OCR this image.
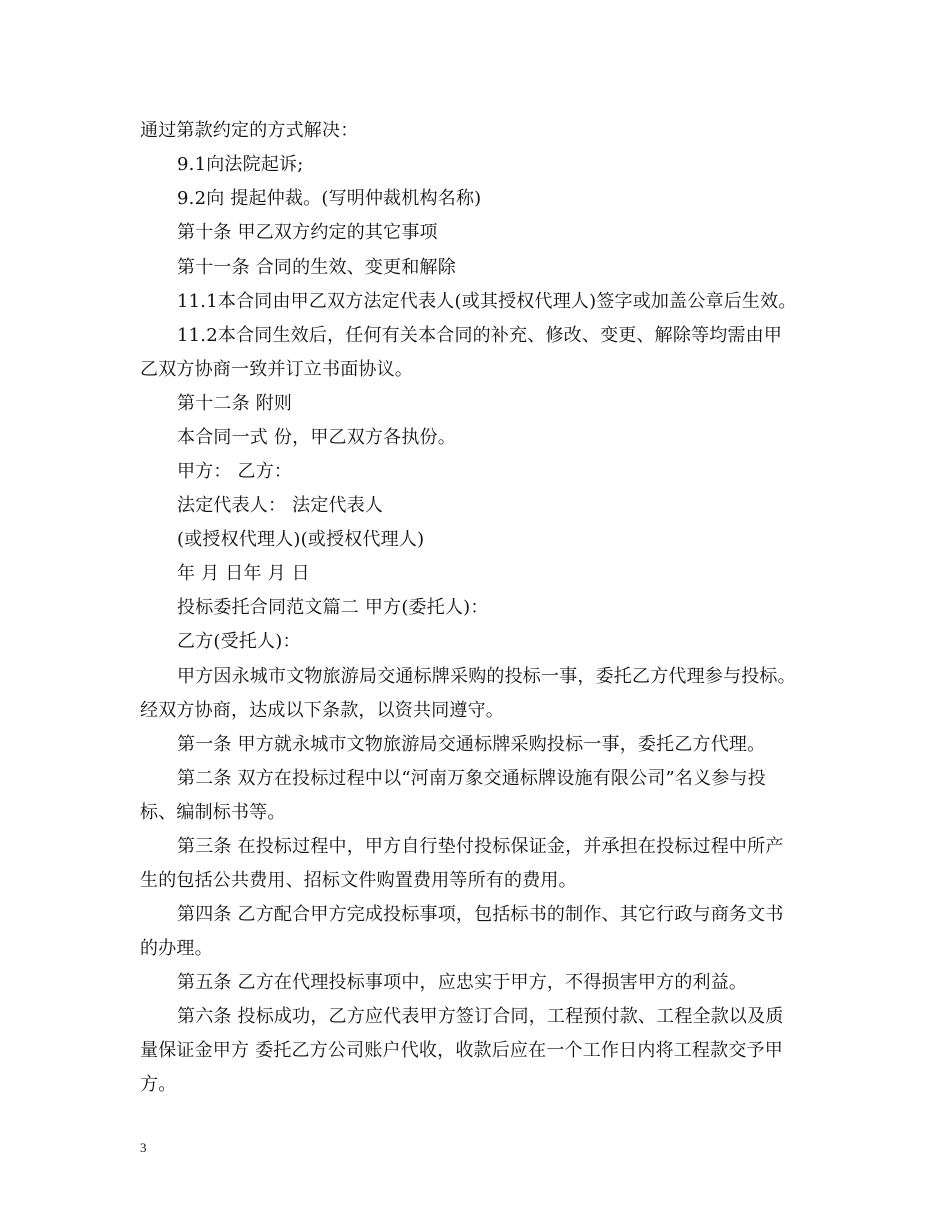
通过第款约定的方式解决：
9.1向法院起诉;
9.2向 提起仲裁。(写明仲裁机构名称)
第十条 甲乙双方约定的其它事项
第十一条 合同的生效、变更和解除
11.1本合同由甲乙双方法定代表人(或其授权代理人)签字或加盖公章后生效。
11.2本合同生效后，任何有关本合同的补充、修改、变更、解除等均需由甲
乙双方协商一致并订立书面协议。
第十二条 附则
本合同一式 份，甲乙双方各执份。
甲方： 乙方：
法定代表人： 法定代表人
(或授权代理人)(或授权代理人)
年 月 日年 月 日
投标委托合同范文篇二 甲方(委托人)：
乙方(受托人)：
甲方因永城市文物旅游局交通标牌采购的投标一事，委托乙方代理参与投标。
经双方协商，达成以下条款，以资共同遵守。
第一条 甲方就永城市文物旅游局交通标牌采购投标一事，委托乙方代理。
第二条 双方在投标过程中以“河南万象交通标牌设施有限公司”名义参与投
标、编制标书等。
第三条 在投标过程中，甲方自行垫付投标保证金，并承担在投标过程中所产
生的包括公共费用、招标文件购置费用等所有的费用。
第四条 乙方配合甲方完成投标事项，包括标书的制作、其它行政与商务文书
的办理。
第五条 乙方在代理投标事项中，应忠实于甲方，不得损害甲方的利益。
第六条 投标成功，乙方应代表甲方签订合同，工程预付款、工程全款以及质
量保证金甲方 委托乙方公司账户代收，收款后应在一个工作日内将工程款交予甲
方。
3
